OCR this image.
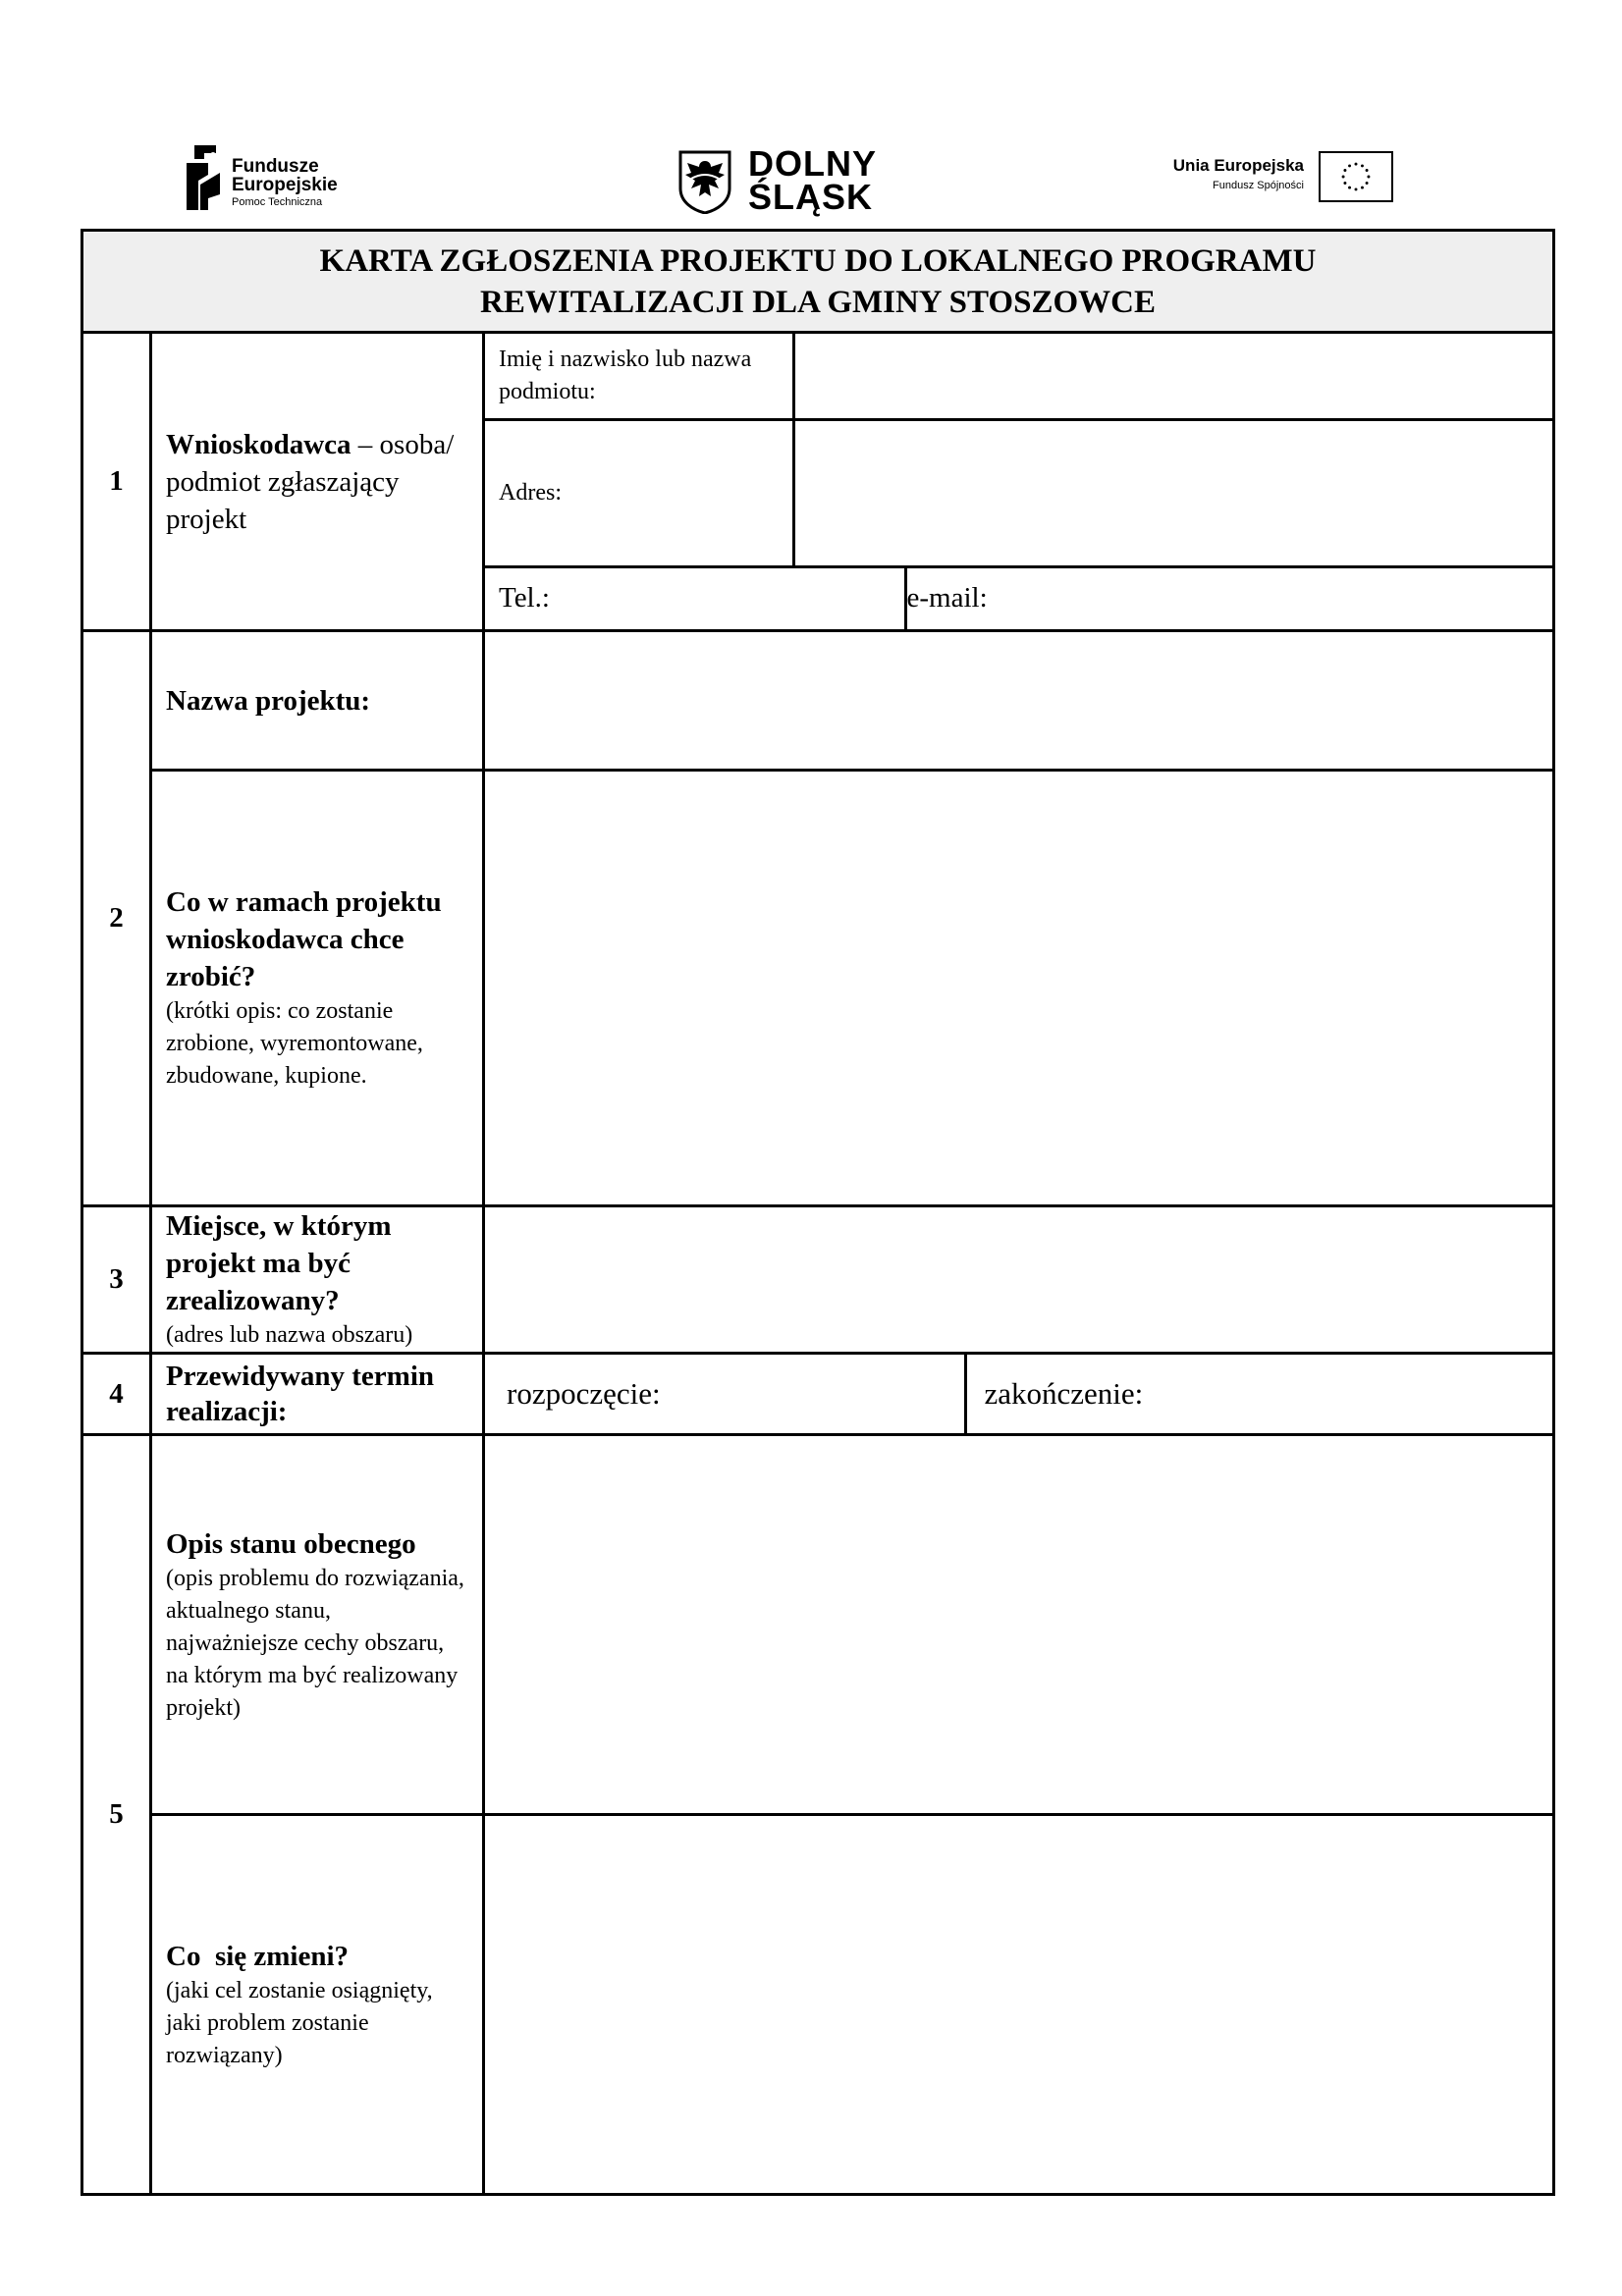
Fundusze
Europejskie
Pomoc Techniczna
DOLNY
ŚLĄSK
Unia Europejska
Fundusz Spójności
KARTA ZGŁOSZENIA PROJEKTU DO LOKALNEGO PROGRAMU
REWITALIZACJI DLA GMINY STOSZOWCE

1	Wnioskodawca – osoba/ podmiot zgłaszający projekt	
Imię i nazwisko lub nazwa podmiotu:	
Adres:	
Tel.:	e-mail:

2	Nazwa projektu:	
Co w ramach projektu wnioskodawca chce zrobić?
(krótki opis: co zostanie zrobione, wyremontowane, zbudowane, kupione.

3	Miejsce, w którym projekt ma być zrealizowany?
(adres lub nazwa obszaru)

4	Przewidywany termin realizacji:	
rozpoczęcie:	zakończenie:

5	Opis stanu obecnego
(opis problemu do rozwiązania, aktualnego stanu, najważniejsze cechy obszaru, na którym ma być realizowany projekt)

Co  się zmieni?
(jaki cel zostanie osiągnięty, jaki problem zostanie rozwiązany)
